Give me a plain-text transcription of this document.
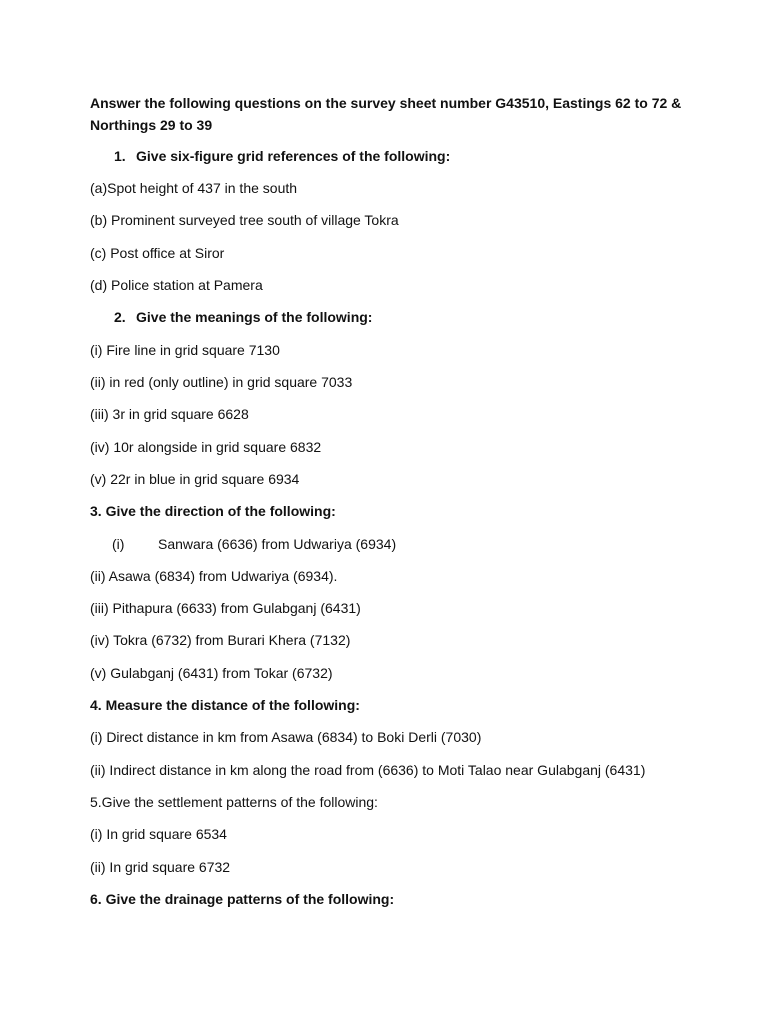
Answer the following questions on the survey sheet number G43510, Eastings 62 to 72 & Northings 29 to 39
1. Give six-figure grid references of the following:
(a)Spot height of 437 in the south
(b) Prominent surveyed tree south of village Tokra
(c) Post office at Siror
(d) Police station at Pamera
2. Give the meanings of the following:
(i) Fire line in grid square 7130
(ii) in red (only outline) in grid square 7033
(iii) 3r in grid square 6628
(iv) 10r alongside in grid square 6832
(v) 22r in blue in grid square 6934
3. Give the direction of the following:
(i) Sanwara (6636) from Udwariya (6934)
(ii) Asawa (6834) from Udwariya (6934).
(iii) Pithapura (6633) from Gulabganj (6431)
(iv) Tokra (6732) from Burari Khera (7132)
(v) Gulabganj (6431) from Tokar (6732)
4. Measure the distance of the following:
(i) Direct distance in km from Asawa (6834) to Boki Derli (7030)
(ii) Indirect distance in km along the road from (6636) to Moti Talao near Gulabganj (6431)
5.Give the settlement patterns of the following:
(i) In grid square 6534
(ii) In grid square 6732
6. Give the drainage patterns of the following:
